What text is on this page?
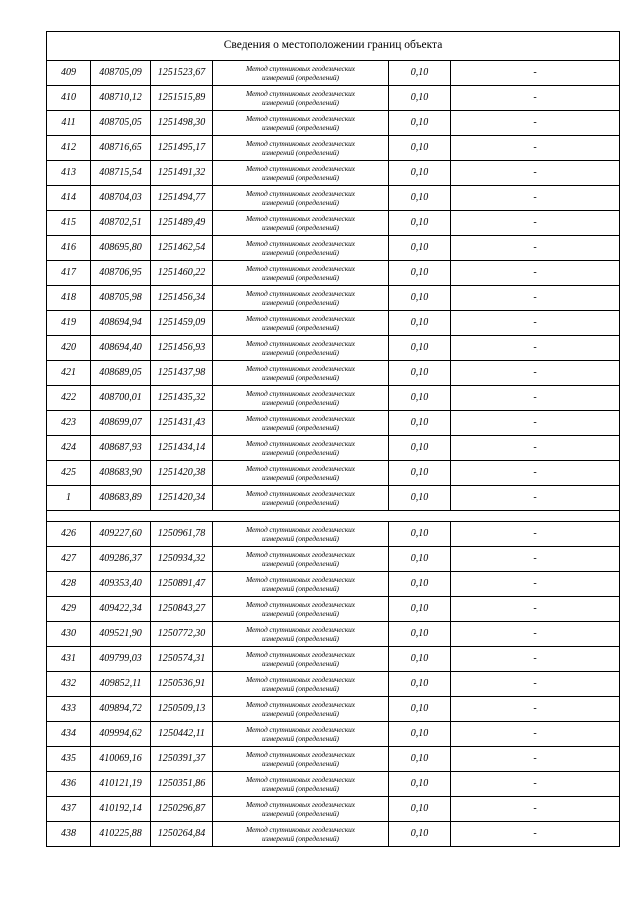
Сведения о местоположении границ объекта					
409	408705,09	1251523,67	Метод спутниковых геодезических
измерений (определений)	0,10	-
410	408710,12	1251515,89	Метод спутниковых геодезических
измерений (определений)	0,10	-
411	408705,05	1251498,30	Метод спутниковых геодезических
измерений (определений)	0,10	-
412	408716,65	1251495,17	Метод спутниковых геодезических
измерений (определений)	0,10	-
413	408715,54	1251491,32	Метод спутниковых геодезических
измерений (определений)	0,10	-
414	408704,03	1251494,77	Метод спутниковых геодезических
измерений (определений)	0,10	-
415	408702,51	1251489,49	Метод спутниковых геодезических
измерений (определений)	0,10	-
416	408695,80	1251462,54	Метод спутниковых геодезических
измерений (определений)	0,10	-
417	408706,95	1251460,22	Метод спутниковых геодезических
измерений (определений)	0,10	-
418	408705,98	1251456,34	Метод спутниковых геодезических
измерений (определений)	0,10	-
419	408694,94	1251459,09	Метод спутниковых геодезических
измерений (определений)	0,10	-
420	408694,40	1251456,93	Метод спутниковых геодезических
измерений (определений)	0,10	-
421	408689,05	1251437,98	Метод спутниковых геодезических
измерений (определений)	0,10	-
422	408700,01	1251435,32	Метод спутниковых геодезических
измерений (определений)	0,10	-
423	408699,07	1251431,43	Метод спутниковых геодезических
измерений (определений)	0,10	-
424	408687,93	1251434,14	Метод спутниковых геодезических
измерений (определений)	0,10	-
425	408683,90	1251420,38	Метод спутниковых геодезических
измерений (определений)	0,10	-
1	408683,89	1251420,34	Метод спутниковых геодезических
измерений (определений)	0,10	-

426	409227,60	1250961,78	Метод спутниковых геодезических
измерений (определений)	0,10	-
427	409286,37	1250934,32	Метод спутниковых геодезических
измерений (определений)	0,10	-
428	409353,40	1250891,47	Метод спутниковых геодезических
измерений (определений)	0,10	-
429	409422,34	1250843,27	Метод спутниковых геодезических
измерений (определений)	0,10	-
430	409521,90	1250772,30	Метод спутниковых геодезических
измерений (определений)	0,10	-
431	409799,03	1250574,31	Метод спутниковых геодезических
измерений (определений)	0,10	-
432	409852,11	1250536,91	Метод спутниковых геодезических
измерений (определений)	0,10	-
433	409894,72	1250509,13	Метод спутниковых геодезических
измерений (определений)	0,10	-
434	409994,62	1250442,11	Метод спутниковых геодезических
измерений (определений)	0,10	-
435	410069,16	1250391,37	Метод спутниковых геодезических
измерений (определений)	0,10	-
436	410121,19	1250351,86	Метод спутниковых геодезических
измерений (определений)	0,10	-
437	410192,14	1250296,87	Метод спутниковых геодезических
измерений (определений)	0,10	-
438	410225,88	1250264,84	Метод спутниковых геодезических
измерений (определений)	0,10	-
